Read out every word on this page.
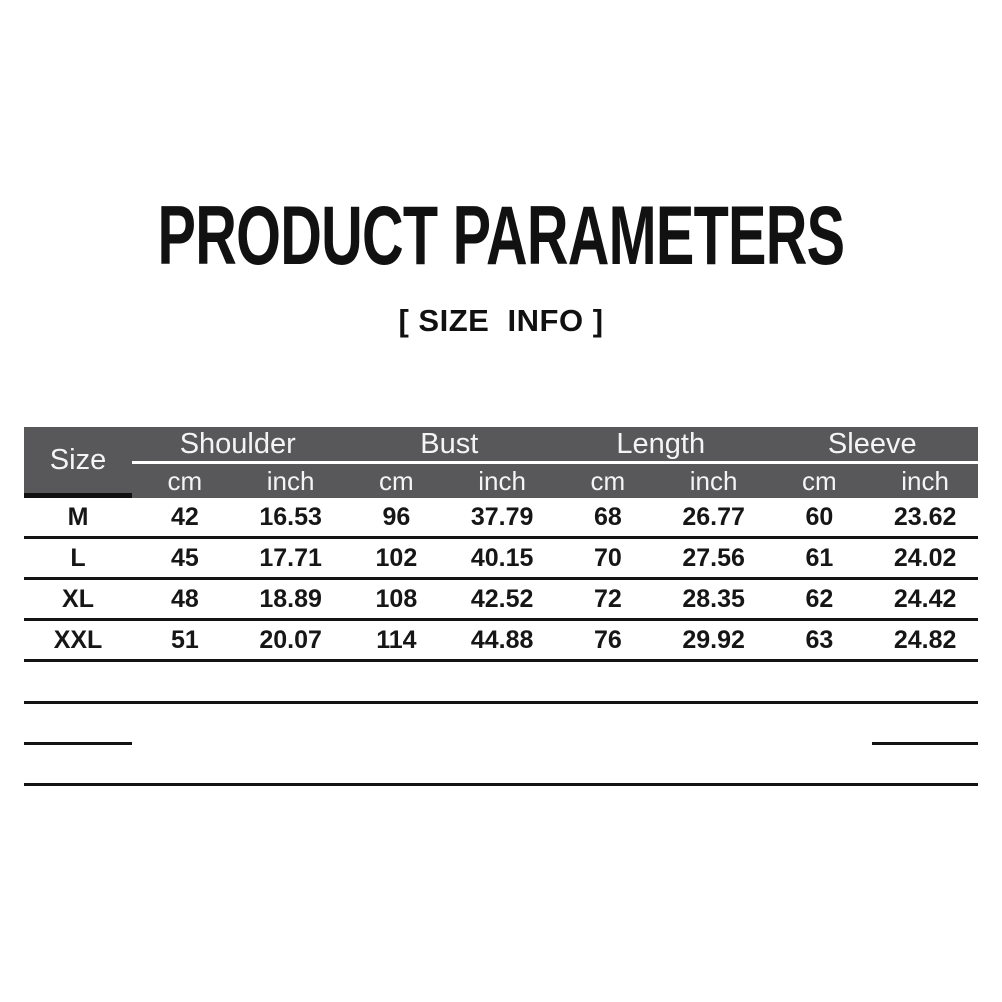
PRODUCT PARAMETERS
[ SIZE  INFO ]
Size	Shoulder	Bust	Length	Sleeve
cm	inch	cm	inch	cm	inch	cm	inch
M	42	16.53	96	37.79	68	26.77	60	23.62
L	45	17.71	102	40.15	70	27.56	61	24.02
XL	48	18.89	108	42.52	72	28.35	62	24.42
XXL	51	20.07	114	44.88	76	29.92	63	24.82
